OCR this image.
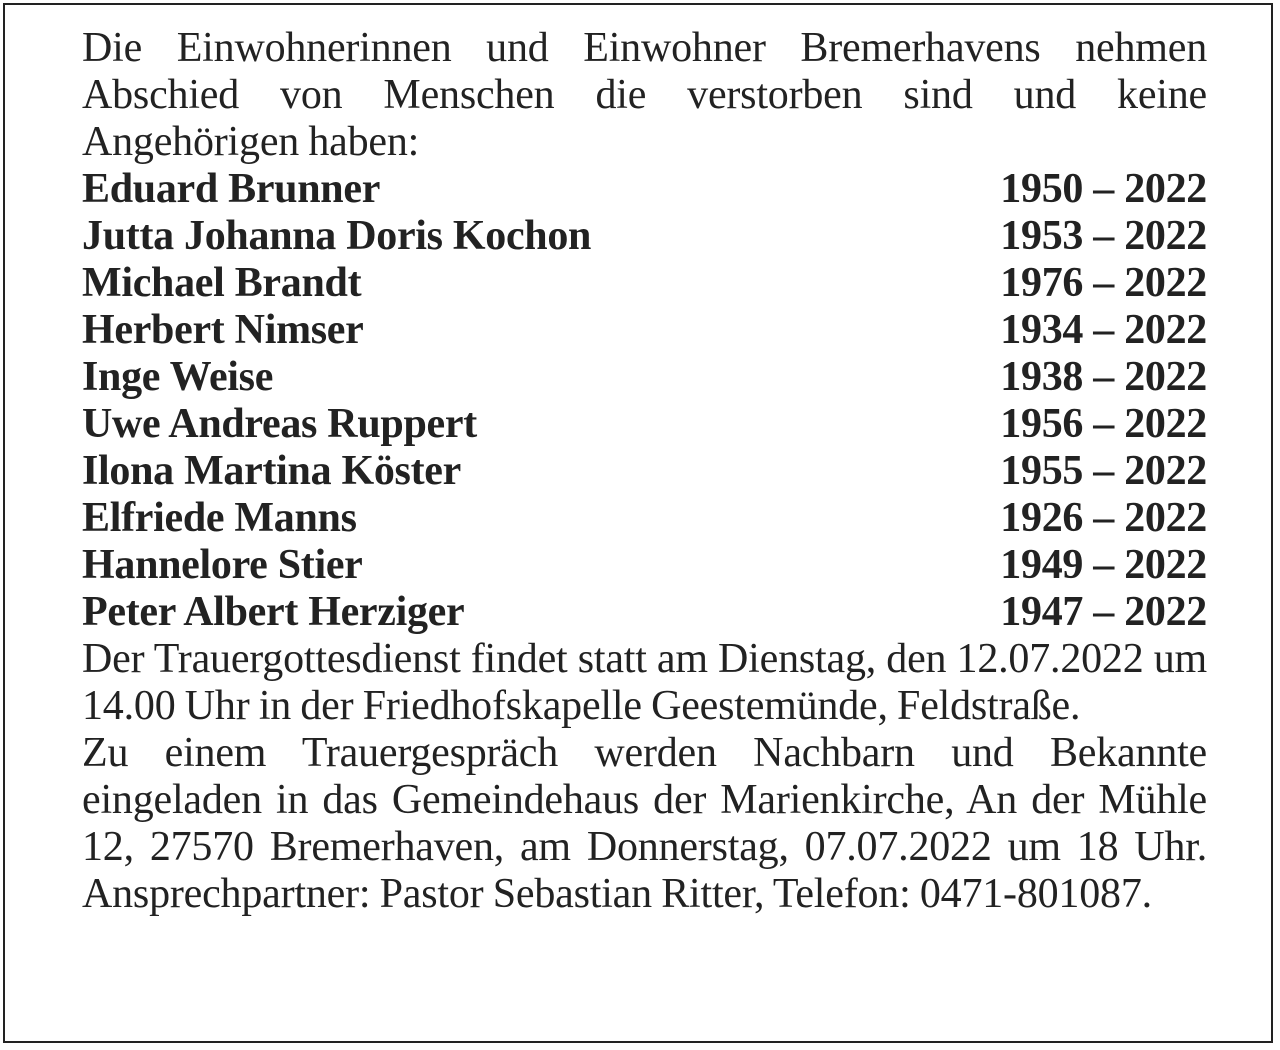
Die Einwohnerinnen und Einwohner Bremerhavens nehmen Abschied von Menschen die verstorben sind und keine Angehörigen haben:

Eduard Brunner	1950 – 2022
Jutta Johanna Doris Kochon	1953 – 2022
Michael Brandt	1976 – 2022
Herbert Nimser	1934 – 2022
Inge Weise	1938 – 2022
Uwe Andreas Ruppert	1956 – 2022
Ilona Martina Köster	1955 – 2022
Elfriede Manns	1926 – 2022
Hannelore Stier	1949 – 2022
Peter Albert Herziger	1947 – 2022

Der Trauergottesdienst findet statt am Dienstag, den 12.07.2022 um 14.00 Uhr in der Friedhofskapelle Geestemünde, Feldstraße.

Zu einem Trauergespräch werden Nachbarn und Bekannte eingeladen in das Gemeindehaus der Marienkirche, An der Mühle 12, 27570 Bremerhaven, am Donnerstag, 07.07.2022 um 18 Uhr. Ansprechpartner: Pastor Sebastian Ritter, Telefon: 0471-801087.
